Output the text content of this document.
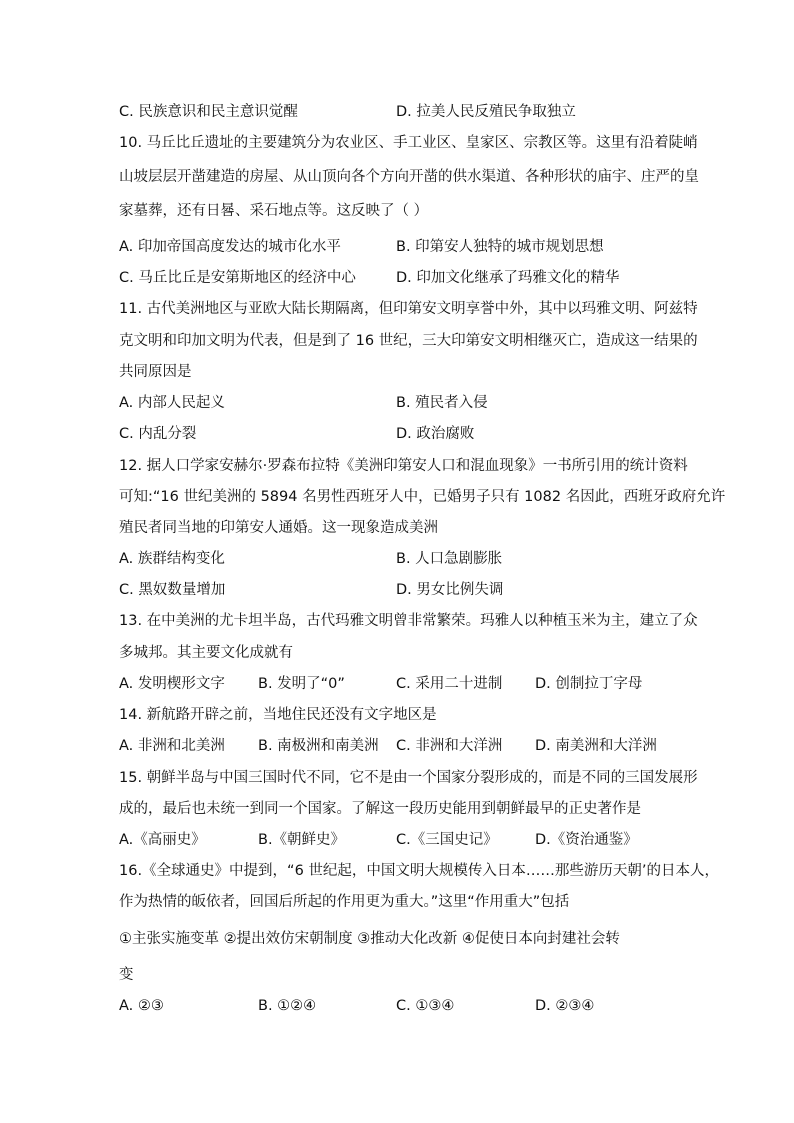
C. 民族意识和民主意识觉醒	D. 拉美人民反殖民争取独立
10. 马丘比丘遗址的主要建筑分为农业区、手工业区、皇家区、宗教区等。这里有沿着陡峭
山坡层层开凿建造的房屋、从山顶向各个方向开凿的供水渠道、各种形状的庙宇、庄严的皇
家墓葬，还有日晷、采石地点等。这反映了（ ）
A. 印加帝国高度发达的城市化水平	B. 印第安人独特的城市规划思想
C. 马丘比丘是安第斯地区的经济中心	D. 印加文化继承了玛雅文化的精华
11. 古代美洲地区与亚欧大陆长期隔离，但印第安文明享誉中外，其中以玛雅文明、阿兹特
克文明和印加文明为代表，但是到了 16 世纪，三大印第安文明相继灭亡，造成这一结果的
共同原因是
A. 内部人民起义	B. 殖民者入侵
C. 内乱分裂	D. 政治腐败
12. 据人口学家安赫尔·罗森布拉特《美洲印第安人口和混血现象》一书所引用的统计资料
可知:“16 世纪美洲的 5894 名男性西班牙人中，已婚男子只有 1082 名因此，西班牙政府允许
殖民者同当地的印第安人通婚。这一现象造成美洲
A. 族群结构变化	B. 人口急剧膨胀
C. 黑奴数量增加	D. 男女比例失调
13. 在中美洲的尤卡坦半岛，古代玛雅文明曾非常繁荣。玛雅人以种植玉米为主，建立了众
多城邦。其主要文化成就有
A. 发明楔形文字 B. 发明了“0”	C. 采用二十进制 D. 创制拉丁字母
14. 新航路开辟之前，当地住民还没有文字地区是
A. 非洲和北美洲 B. 南极洲和南美洲 C. 非洲和大洋洲 D. 南美洲和大洋洲
15. 朝鲜半岛与中国三国时代不同，它不是由一个国家分裂形成的，而是不同的三国发展形
成的，最后也未统一到同一个国家。了解这一段历史能用到朝鲜最早的正史著作是
A.《高丽史》	B.《朝鲜史》	C.《三国史记》	D.《资治通鉴》
16.《全球通史》中提到，“6 世纪起，中国文明大规模传入日本……那些游历天朝’的日本人，
作为热情的皈依者，回国后所起的作用更为重大。”这里“作用重大”包括
①主张实施变革 ②提出效仿宋朝制度 ③推动大化改新 ④促使日本向封建社会转
变
A. ②③	B. ①②④	C. ①③④	D. ②③④
